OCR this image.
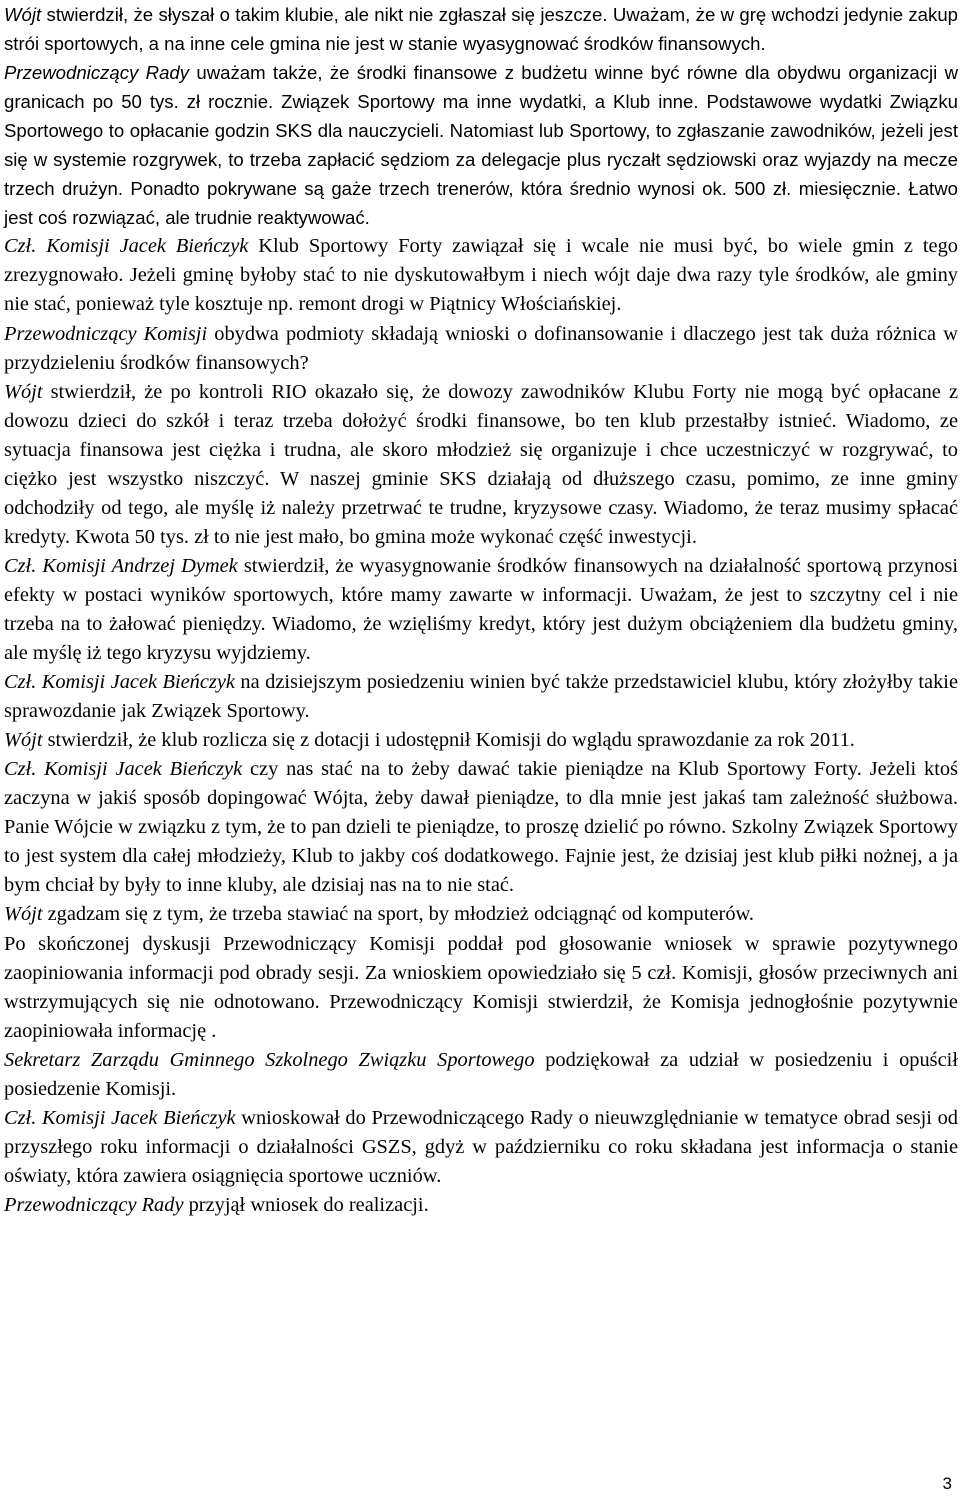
Wójt stwierdził, że słyszał o takim klubie, ale nikt nie zgłaszał się jeszcze. Uważam, że w grę wchodzi jedynie zakup strói sportowych, a na inne cele gmina nie jest w stanie wyasygnować środków finansowych.

Przewodniczący Rady uważam także, że środki finansowe z budżetu winne być równe dla obydwu organizacji w granicach po 50 tys. zł rocznie. Związek Sportowy ma inne wydatki, a Klub inne. Podstawowe wydatki Związku Sportowego to opłacanie godzin SKS dla nauczycieli. Natomiast lub Sportowy, to zgłaszanie zawodników, jeżeli jest się w systemie rozgrywek, to trzeba zapłacić sędziom za delegacje plus ryczałt sędziowski oraz wyjazdy na mecze trzech drużyn. Ponadto pokrywane są gaże trzech trenerów, która średnio wynosi ok. 500 zł. miesięcznie. Łatwo jest coś rozwiązać, ale trudnie reaktywować.

Czł. Komisji Jacek Bieńczyk Klub Sportowy Forty zawiązał się i wcale nie musi być, bo wiele gmin z tego zrezygnowało. Jeżeli gminę byłoby stać to nie dyskutowałbym i niech wójt daje dwa razy tyle środków, ale gminy nie stać, ponieważ tyle kosztuje np. remont drogi w Piątnicy Włościańskiej.

Przewodniczący Komisji obydwa podmioty składają wnioski o dofinansowanie i dlaczego jest tak duża różnica w przydzieleniu środków finansowych?

Wójt stwierdził, że po kontroli RIO okazało się, że dowozy zawodników Klubu Forty nie mogą być opłacane z dowozu dzieci do szkół i teraz trzeba dołożyć środki finansowe, bo ten klub przestałby istnieć. Wiadomo, ze sytuacja finansowa jest ciężka i trudna, ale skoro młodzież się organizuje i chce uczestniczyć w rozgrywać, to ciężko jest wszystko niszczyć. W naszej gminie SKS działają od dłuższego czasu, pomimo, ze inne gminy odchodziły od tego, ale myślę iż należy przetrwać te trudne, kryzysowe czasy. Wiadomo, że teraz musimy spłacać kredyty. Kwota 50 tys. zł to nie jest mało, bo gmina może wykonać część inwestycji.

Czł. Komisji Andrzej Dymek stwierdził, że wyasygnowanie środków finansowych na działalność sportową przynosi efekty w postaci wyników sportowych, które mamy zawarte w informacji. Uważam, że jest to szczytny cel i nie trzeba na to żałować pieniędzy. Wiadomo, że wzięliśmy kredyt, który jest dużym obciążeniem dla budżetu gminy, ale myślę iż tego kryzysu wyjdziemy.

Czł. Komisji Jacek Bieńczyk na dzisiejszym posiedzeniu winien być także przedstawiciel klubu, który złożyłby takie sprawozdanie jak Związek Sportowy.

Wójt stwierdził, że klub rozlicza się z dotacji i udostępnił Komisji do wglądu sprawozdanie za rok 2011.

Czł. Komisji Jacek Bieńczyk czy nas stać na to żeby dawać takie pieniądze na Klub Sportowy Forty. Jeżeli ktoś zaczyna w jakiś sposób dopingować Wójta, żeby dawał pieniądze, to dla mnie jest jakaś tam zależność służbowa. Panie Wójcie w związku z tym, że to pan dzieli te pieniądze, to proszę dzielić po równo. Szkolny Związek Sportowy to jest system dla całej młodzieży, Klub to jakby coś dodatkowego. Fajnie jest, że dzisiaj jest klub piłki nożnej, a ja bym chciał by były to inne kluby, ale dzisiaj nas na to nie stać.

Wójt zgadzam się z tym, że trzeba stawiać na sport, by młodzież odciągnąć od komputerów.

Po skończonej dyskusji Przewodniczący Komisji poddał pod głosowanie wniosek w sprawie pozytywnego zaopiniowania informacji pod obrady sesji. Za wnioskiem opowiedziało się 5 czł. Komisji, głosów przeciwnych ani wstrzymujących się nie odnotowano. Przewodniczący Komisji stwierdził, że Komisja jednogłośnie pozytywnie zaopiniowała informację .

Sekretarz Zarządu Gminnego Szkolnego Związku Sportowego podziękował za udział w posiedzeniu i opuścił posiedzenie Komisji.

Czł. Komisji Jacek Bieńczyk wnioskował do Przewodniczącego Rady o nieuwzględnianie w tematyce obrad sesji od przyszłego roku informacji o działalności GSZS, gdyż w październiku co roku składana jest informacja o stanie oświaty, która zawiera osiągnięcia sportowe uczniów.

Przewodniczący Rady przyjął wniosek do realizacji.

3
